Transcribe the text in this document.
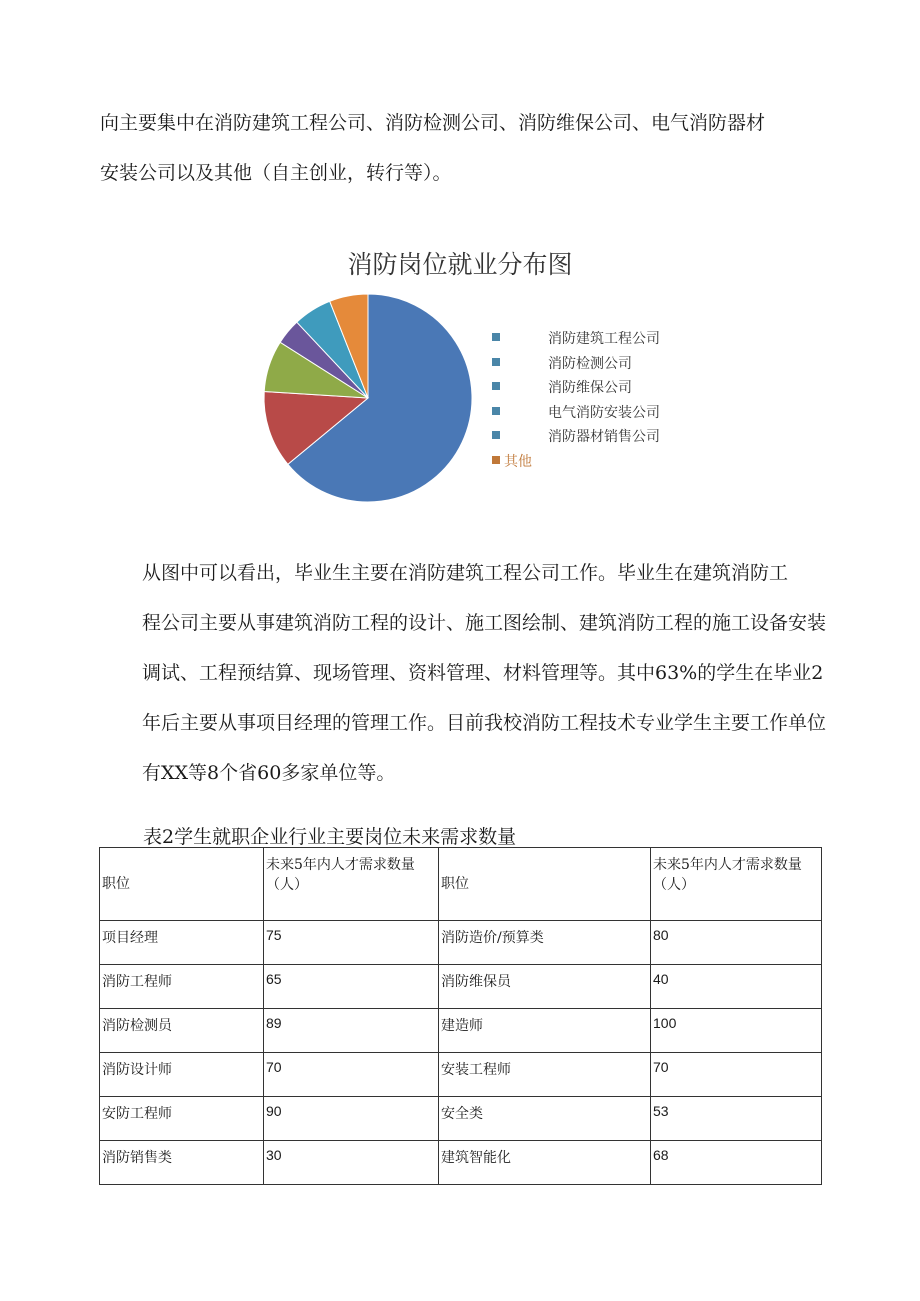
向主要集中在消防建筑工程公司、消防检测公司、消防维保公司、电气消防器材
安装公司以及其他（自主创业，转行等）。

消防岗位就业分布图
消防建筑工程公司
消防检测公司
消防维保公司
电气消防安装公司
消防器材销售公司
其他

从图中可以看出，毕业生主要在消防建筑工程公司工作。毕业生在建筑消防工
程公司主要从事建筑消防工程的设计、施工图绘制、建筑消防工程的施工设备安装
调试、工程预结算、现场管理、资料管理、材料管理等。其中63%的学生在毕业2
年后主要从事项目经理的管理工作。目前我校消防工程技术专业学生主要工作单位
有XX等8个省60多家单位等。

表2学生就职企业行业主要岗位未来需求数量
职位	未来5年内人才需求数量（人）	职位	未来5年内人才需求数量（人）
项目经理	75	消防造价/预算类	80
消防工程师	65	消防维保员	40
消防检测员	89	建造师	100
消防设计师	70	安装工程师	70
安防工程师	90	安全类	53
消防销售类	30	建筑智能化	68
